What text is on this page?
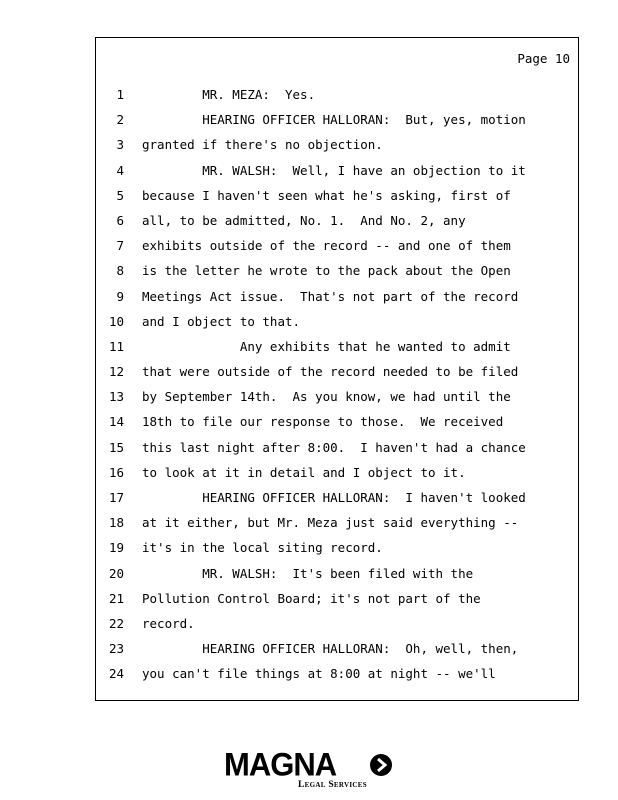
Page 10
1 MR. MEZA:  Yes.
2 HEARING OFFICER HALLORAN:  But, yes, motion
3 granted if there's no objection.
4 MR. WALSH:  Well, I have an objection to it
5 because I haven't seen what he's asking, first of
6 all, to be admitted, No. 1.  And No. 2, any
7 exhibits outside of the record -- and one of them
8 is the letter he wrote to the pack about the Open
9 Meetings Act issue.  That's not part of the record
10 and I object to that.
11 Any exhibits that he wanted to admit
12 that were outside of the record needed to be filed
13 by September 14th.  As you know, we had until the
14 18th to file our response to those.  We received
15 this last night after 8:00.  I haven't had a chance
16 to look at it in detail and I object to it.
17 HEARING OFFICER HALLORAN:  I haven't looked
18 at it either, but Mr. Meza just said everything --
19 it's in the local siting record.
20 MR. WALSH:  It's been filed with the
21 Pollution Control Board; it's not part of the
22 record.
23 HEARING OFFICER HALLORAN:  Oh, well, then,
24 you can't file things at 8:00 at night -- we'll
MAGNA
Legal Services
